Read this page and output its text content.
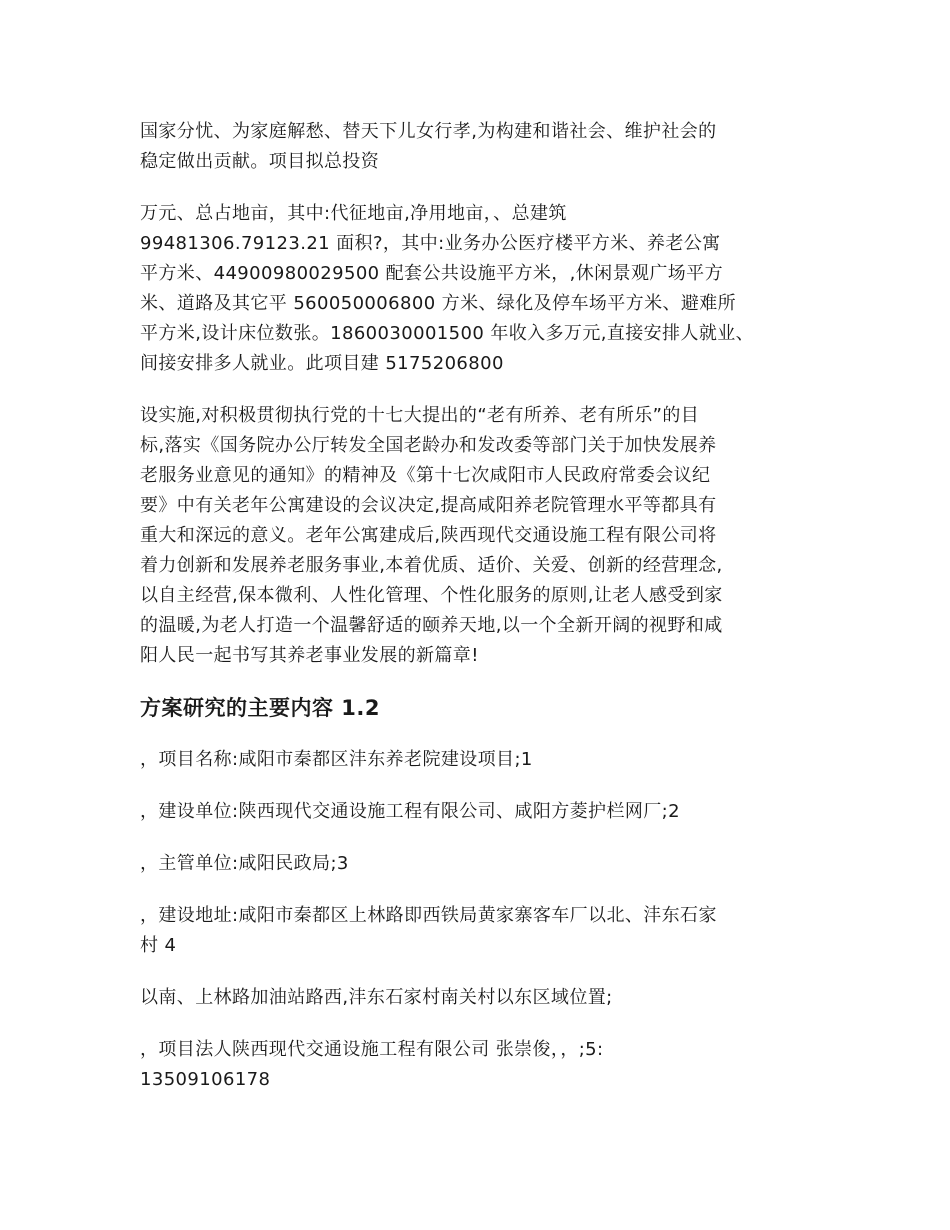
国家分忧、为家庭解愁、替天下儿女行孝,为构建和谐社会、维护社会的
稳定做出贡献。项目拟总投资

万元、总占地亩，其中:代征地亩,净用地亩，、总建筑
99481306.79123.21 面积?，其中:业务办公医疗楼平方米、养老公寓
平方米、44900980029500 配套公共设施平方米，,休闲景观广场平方
米、道路及其它平 560050006800 方米、绿化及停车场平方米、避难所
平方米,设计床位数张。1860030001500 年收入多万元,直接安排人就业、
间接安排多人就业。此项目建 5175206800

设实施,对积极贯彻执行党的十七大提出的“老有所养、老有所乐”的目
标,落实《国务院办公厅转发全国老龄办和发改委等部门关于加快发展养
老服务业意见的通知》的精神及《第十七次咸阳市人民政府常委会议纪
要》中有关老年公寓建设的会议决定,提高咸阳养老院管理水平等都具有
重大和深远的意义。老年公寓建成后,陕西现代交通设施工程有限公司将
着力创新和发展养老服务事业,本着优质、适价、关爱、创新的经营理念,
以自主经营,保本微利、人性化管理、个性化服务的原则,让老人感受到家
的温暖,为老人打造一个温馨舒适的颐养天地,以一个全新开阔的视野和咸
阳人民一起书写其养老事业发展的新篇章!

方案研究的主要内容 1.2

，项目名称:咸阳市秦都区沣东养老院建设项目;1

，建设单位:陕西现代交通设施工程有限公司、咸阳方菱护栏网厂;2

，主管单位:咸阳民政局;3

，建设地址:咸阳市秦都区上林路即西铁局黄家寨客车厂以北、沣东石家
村 4

以南、上林路加油站路西,沣东石家村南关村以东区域位置;

，项目法人陕西现代交通设施工程有限公司 张崇俊，，;5:
13509106178
